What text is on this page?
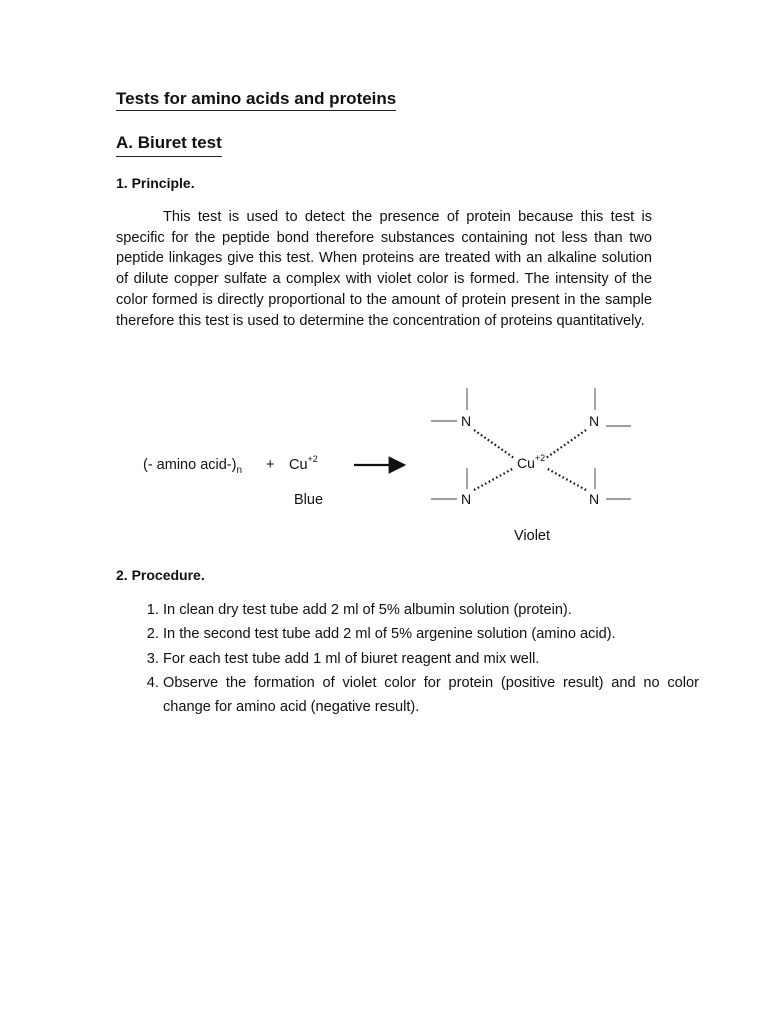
Tests for amino acids and proteins
A. Biuret test
1. Principle.

This test is used to detect the presence of protein because this test is specific for the peptide bond therefore substances containing not less than two peptide linkages give this test. When proteins are treated with an alkaline solution of dilute copper sulfate a complex with violet color is formed. The intensity of the color formed is directly proportional to the amount of protein present in the sample therefore this test is used to determine the concentration of proteins quantitatively.

(- amino acid-)$_n + Cu^{+2}$
Blue
N	N
N	N
$Cu^{+2}$
Violet
2. Procedure.
1. In clean dry test tube add 2 ml of 5% albumin solution (protein).
2. In the second test tube add 2 ml of 5% argenine solution (amino acid).
3. For each test tube add 1 ml of biuret reagent and mix well.
4. Observe the formation of violet color for protein (positive result) and no color change for amino acid (negative result).
